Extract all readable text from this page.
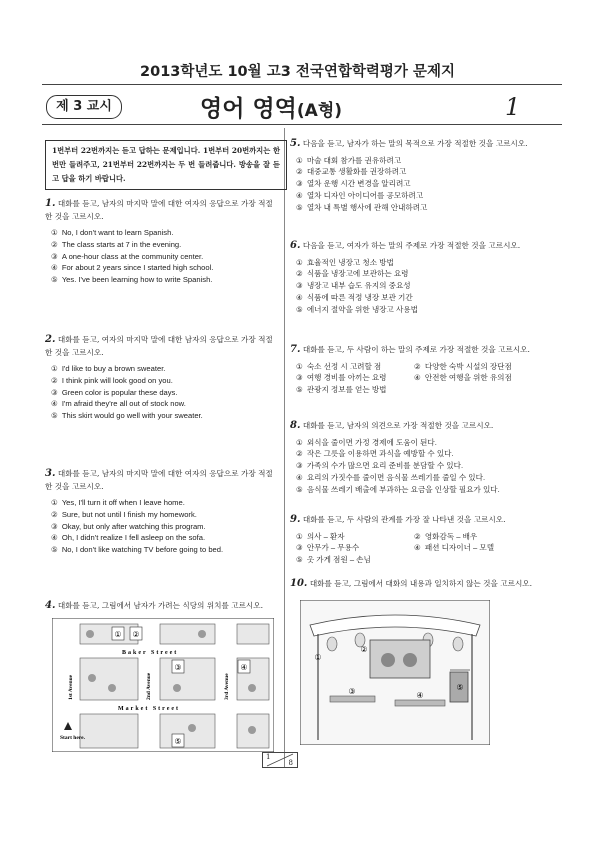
2013학년도 10월 고3 전국연합학력평가 문제지
제 3 교시	영어 영역(A형)	1
1번부터 22번까지는 듣고 답하는 문제입니다. 1번부터 20번까지는 한 번만 들려주고, 21번부터 22번까지는 두 번 들려줍니다. 방송을 잘 듣고 답을 하기 바랍니다.
1. 대화를 듣고, 남자의 마지막 말에 대한 여자의 응답으로 가장 적절한 것을 고르시오.
① No, I don't want to learn Spanish.
② The class starts at 7 in the evening.
③ A one-hour class at the community center.
④ For about 2 years since I started high school.
⑤ Yes. I've been learning how to write Spanish.
2. 대화를 듣고, 여자의 마지막 말에 대한 남자의 응답으로 가장 적절한 것을 고르시오.
① I'd like to buy a brown sweater.
② I think pink will look good on you.
③ Green color is popular these days.
④ I'm afraid they're all out of stock now.
⑤ This skirt would go well with your sweater.
3. 대화를 듣고, 남자의 마지막 말에 대한 여자의 응답으로 가장 적절한 것을 고르시오.
① Yes, I'll turn it off when I leave home.
② Sure, but not until I finish my homework.
③ Okay, but only after watching this program.
④ Oh, I didn't realize I fell asleep on the sofa.
⑤ No, I don't like watching TV before going to bed.
4. 대화를 듣고, 그림에서 남자가 가려는 식당의 위치를 고르시오.
Baker Street
Market Street
1st Avenue	2nd Avenue	3rd Avenue
① ②
③	④
⑤
Start here.
5. 다음을 듣고, 남자가 하는 말의 목적으로 가장 적절한 것을 고르시오.
① 마술 대회 참가를 권유하려고
② 대중교통 생활화를 권장하려고
③ 열차 운행 시간 변경을 알리려고
④ 열차 디자인 아이디어를 공모하려고
⑤ 열차 내 특별 행사에 관해 안내하려고
6. 다음을 듣고, 여자가 하는 말의 주제로 가장 적절한 것을 고르시오.
① 효율적인 냉장고 청소 방법
② 식품을 냉장고에 보관하는 요령
③ 냉장고 내부 습도 유지의 중요성
④ 식품에 따른 적정 냉장 보관 기간
⑤ 에너지 절약을 위한 냉장고 사용법
7. 대화를 듣고, 두 사람이 하는 말의 주제로 가장 적절한 것을 고르시오.
① 숙소 선정 시 고려할 점	② 다양한 숙박 시설의 장단점
③ 여행 경비를 아끼는 요령	④ 안전한 여행을 위한 유의점
⑤ 관광지 정보를 얻는 방법
8. 대화를 듣고, 남자의 의견으로 가장 적절한 것을 고르시오.
① 외식을 줄이면 가정 경제에 도움이 된다.
② 작은 그릇을 이용하면 과식을 예방할 수 있다.
③ 가족의 수가 많으면 요리 준비를 분담할 수 있다.
④ 요리의 가짓수를 줄이면 음식물 쓰레기를 줄일 수 있다.
⑤ 음식물 쓰레기 배출에 부과하는 요금을 인상할 필요가 있다.
9. 대화를 듣고, 두 사람의 관계를 가장 잘 나타낸 것을 고르시오.
① 의사 – 환자	② 영화감독 – 배우
③ 안무가 – 무용수	④ 패션 디자이너 – 모델
⑤ 옷 가게 점원 – 손님
10. 대화를 듣고, 그림에서 대화의 내용과 일치하지 않는 것을 고르시오.
①
②
③	④
⑤
1
8
